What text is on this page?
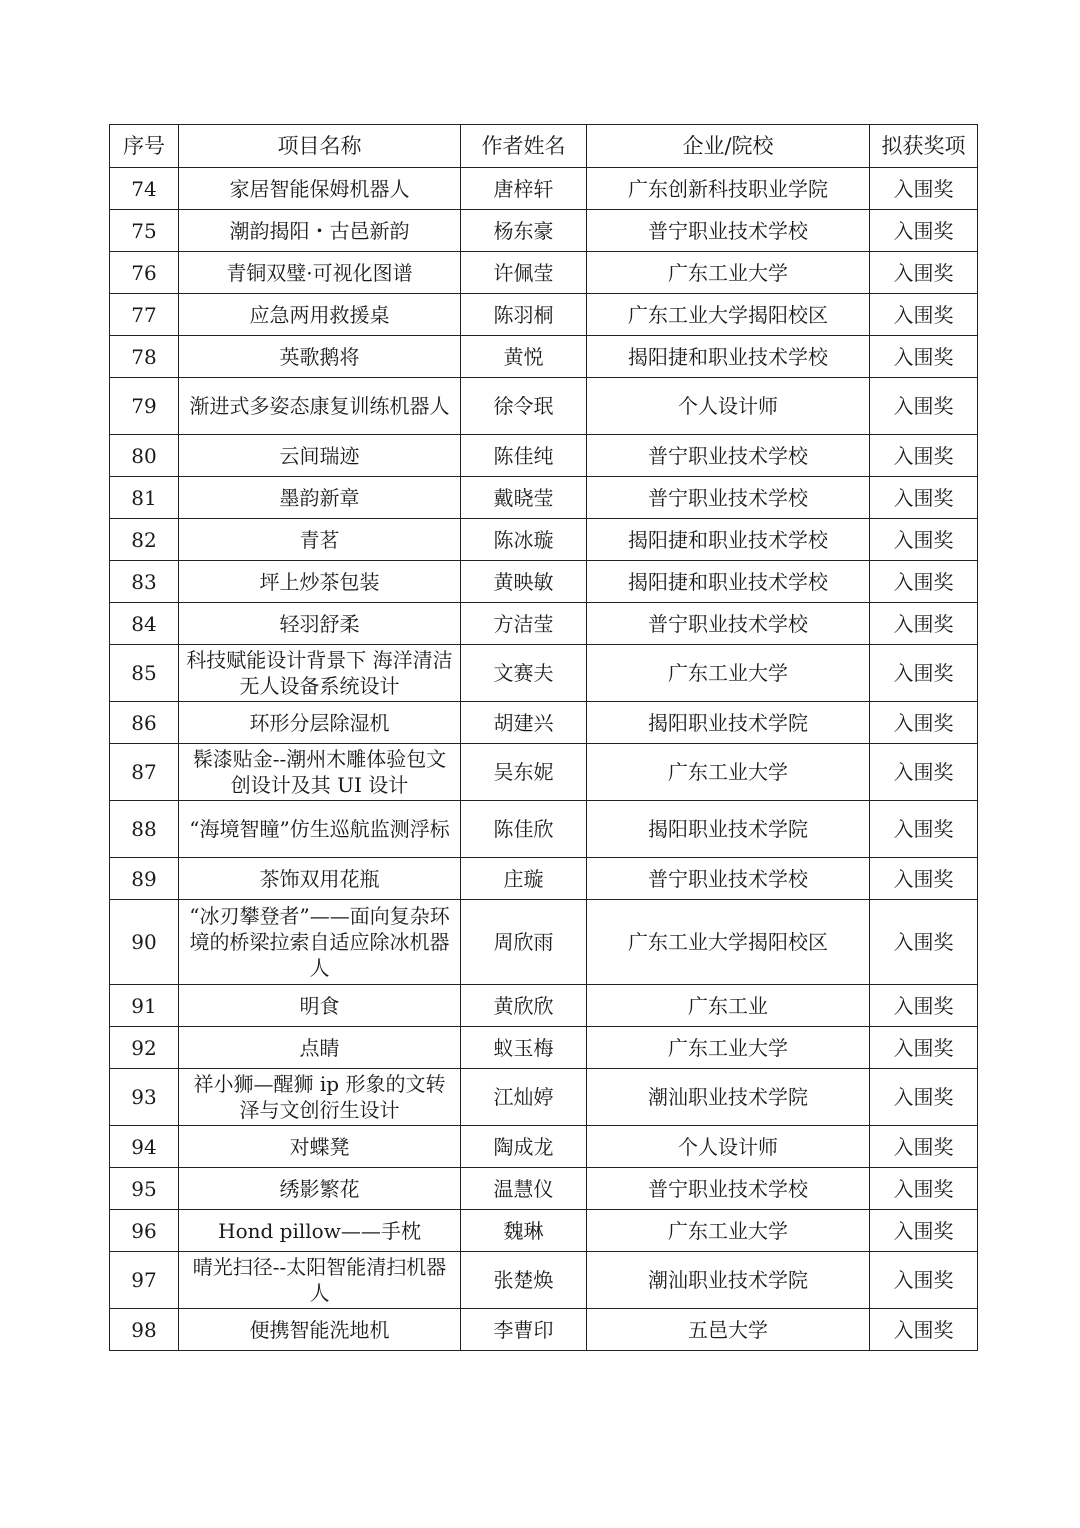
序号	项目名称	作者姓名	企业/院校	拟获奖项
74	家居智能保姆机器人	唐梓轩	广东创新科技职业学院	入围奖
75	潮韵揭阳・古邑新韵	杨东豪	普宁职业技术学校	入围奖
76	青铜双璧·可视化图谱	许佩莹	广东工业大学	入围奖
77	应急两用救援桌	陈羽桐	广东工业大学揭阳校区	入围奖
78	英歌鹅将	黄悦	揭阳捷和职业技术学校	入围奖
79	渐进式多姿态康复训练机器人	徐令珉	个人设计师	入围奖
80	云间瑞迹	陈佳纯	普宁职业技术学校	入围奖
81	墨韵新章	戴晓莹	普宁职业技术学校	入围奖
82	青茗	陈冰璇	揭阳捷和职业技术学校	入围奖
83	坪上炒茶包装	黄映敏	揭阳捷和职业技术学校	入围奖
84	轻羽舒柔	方洁莹	普宁职业技术学校	入围奖
85	科技赋能设计背景下 海洋清洁无人设备系统设计	文赛夫	广东工业大学	入围奖
86	环形分层除湿机	胡建兴	揭阳职业技术学院	入围奖
87	髹漆贴金--潮州木雕体验包文创设计及其 UI 设计	吴东妮	广东工业大学	入围奖
88	“海境智瞳”仿生巡航监测浮标	陈佳欣	揭阳职业技术学院	入围奖
89	茶饰双用花瓶	庄璇	普宁职业技术学校	入围奖
90	“冰刃攀登者”——面向复杂环境的桥梁拉索自适应除冰机器人	周欣雨	广东工业大学揭阳校区	入围奖
91	明食	黄欣欣	广东工业	入围奖
92	点睛	蚁玉梅	广东工业大学	入围奖
93	祥小狮—醒狮 ip 形象的文转泽与文创衍生设计	江灿婷	潮汕职业技术学院	入围奖
94	对蝶凳	陶成龙	个人设计师	入围奖
95	绣影繁花	温慧仪	普宁职业技术学校	入围奖
96	Hond pillow——手枕	魏琳	广东工业大学	入围奖
97	晴光扫径--太阳智能清扫机器人	张楚焕	潮汕职业技术学院	入围奖
98	便携智能洗地机	李曹印	五邑大学	入围奖
